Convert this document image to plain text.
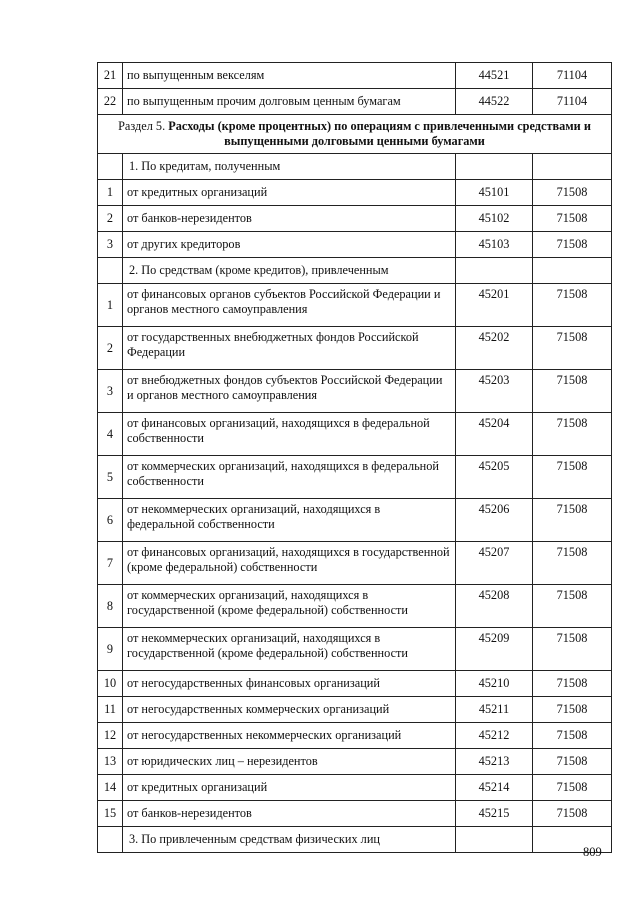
21	по выпущенным векселям	44521	71104
22	по выпущенным прочим долговым ценным бумагам	44522	71104
Раздел 5. Расходы (кроме процентных) по операциям с привлеченными средствами и выпущенными долговыми ценными бумагами			
	1. По кредитам, полученным		
1	от кредитных организаций	45101	71508
2	от банков-нерезидентов	45102	71508
3	от других кредиторов	45103	71508
	2. По средствам (кроме кредитов), привлеченным		
1	от финансовых органов субъектов Российской Федерации и органов местного самоуправления	45201	71508
2	от государственных внебюджетных фондов Российской Федерации	45202	71508
3	от внебюджетных фондов субъектов Российской Федерации и органов местного самоуправления	45203	71508
4	от финансовых организаций, находящихся в федеральной собственности	45204	71508
5	от коммерческих организаций, находящихся в федеральной собственности	45205	71508
6	от некоммерческих организаций, находящихся в федеральной собственности	45206	71508
7	от финансовых организаций, находящихся в государственной (кроме федеральной) собственности	45207	71508
8	от коммерческих организаций, находящихся в государственной (кроме федеральной) собственности	45208	71508
9	от некоммерческих организаций, находящихся в государственной (кроме федеральной) собственности	45209	71508
10	от негосударственных финансовых организаций	45210	71508
11	от негосударственных коммерческих организаций	45211	71508
12	от негосударственных некоммерческих организаций	45212	71508
13	от юридических лиц – нерезидентов	45213	71508
14	от кредитных организаций	45214	71508
15	от банков-нерезидентов	45215	71508
	3. По привлеченным средствам физических лиц		
809
